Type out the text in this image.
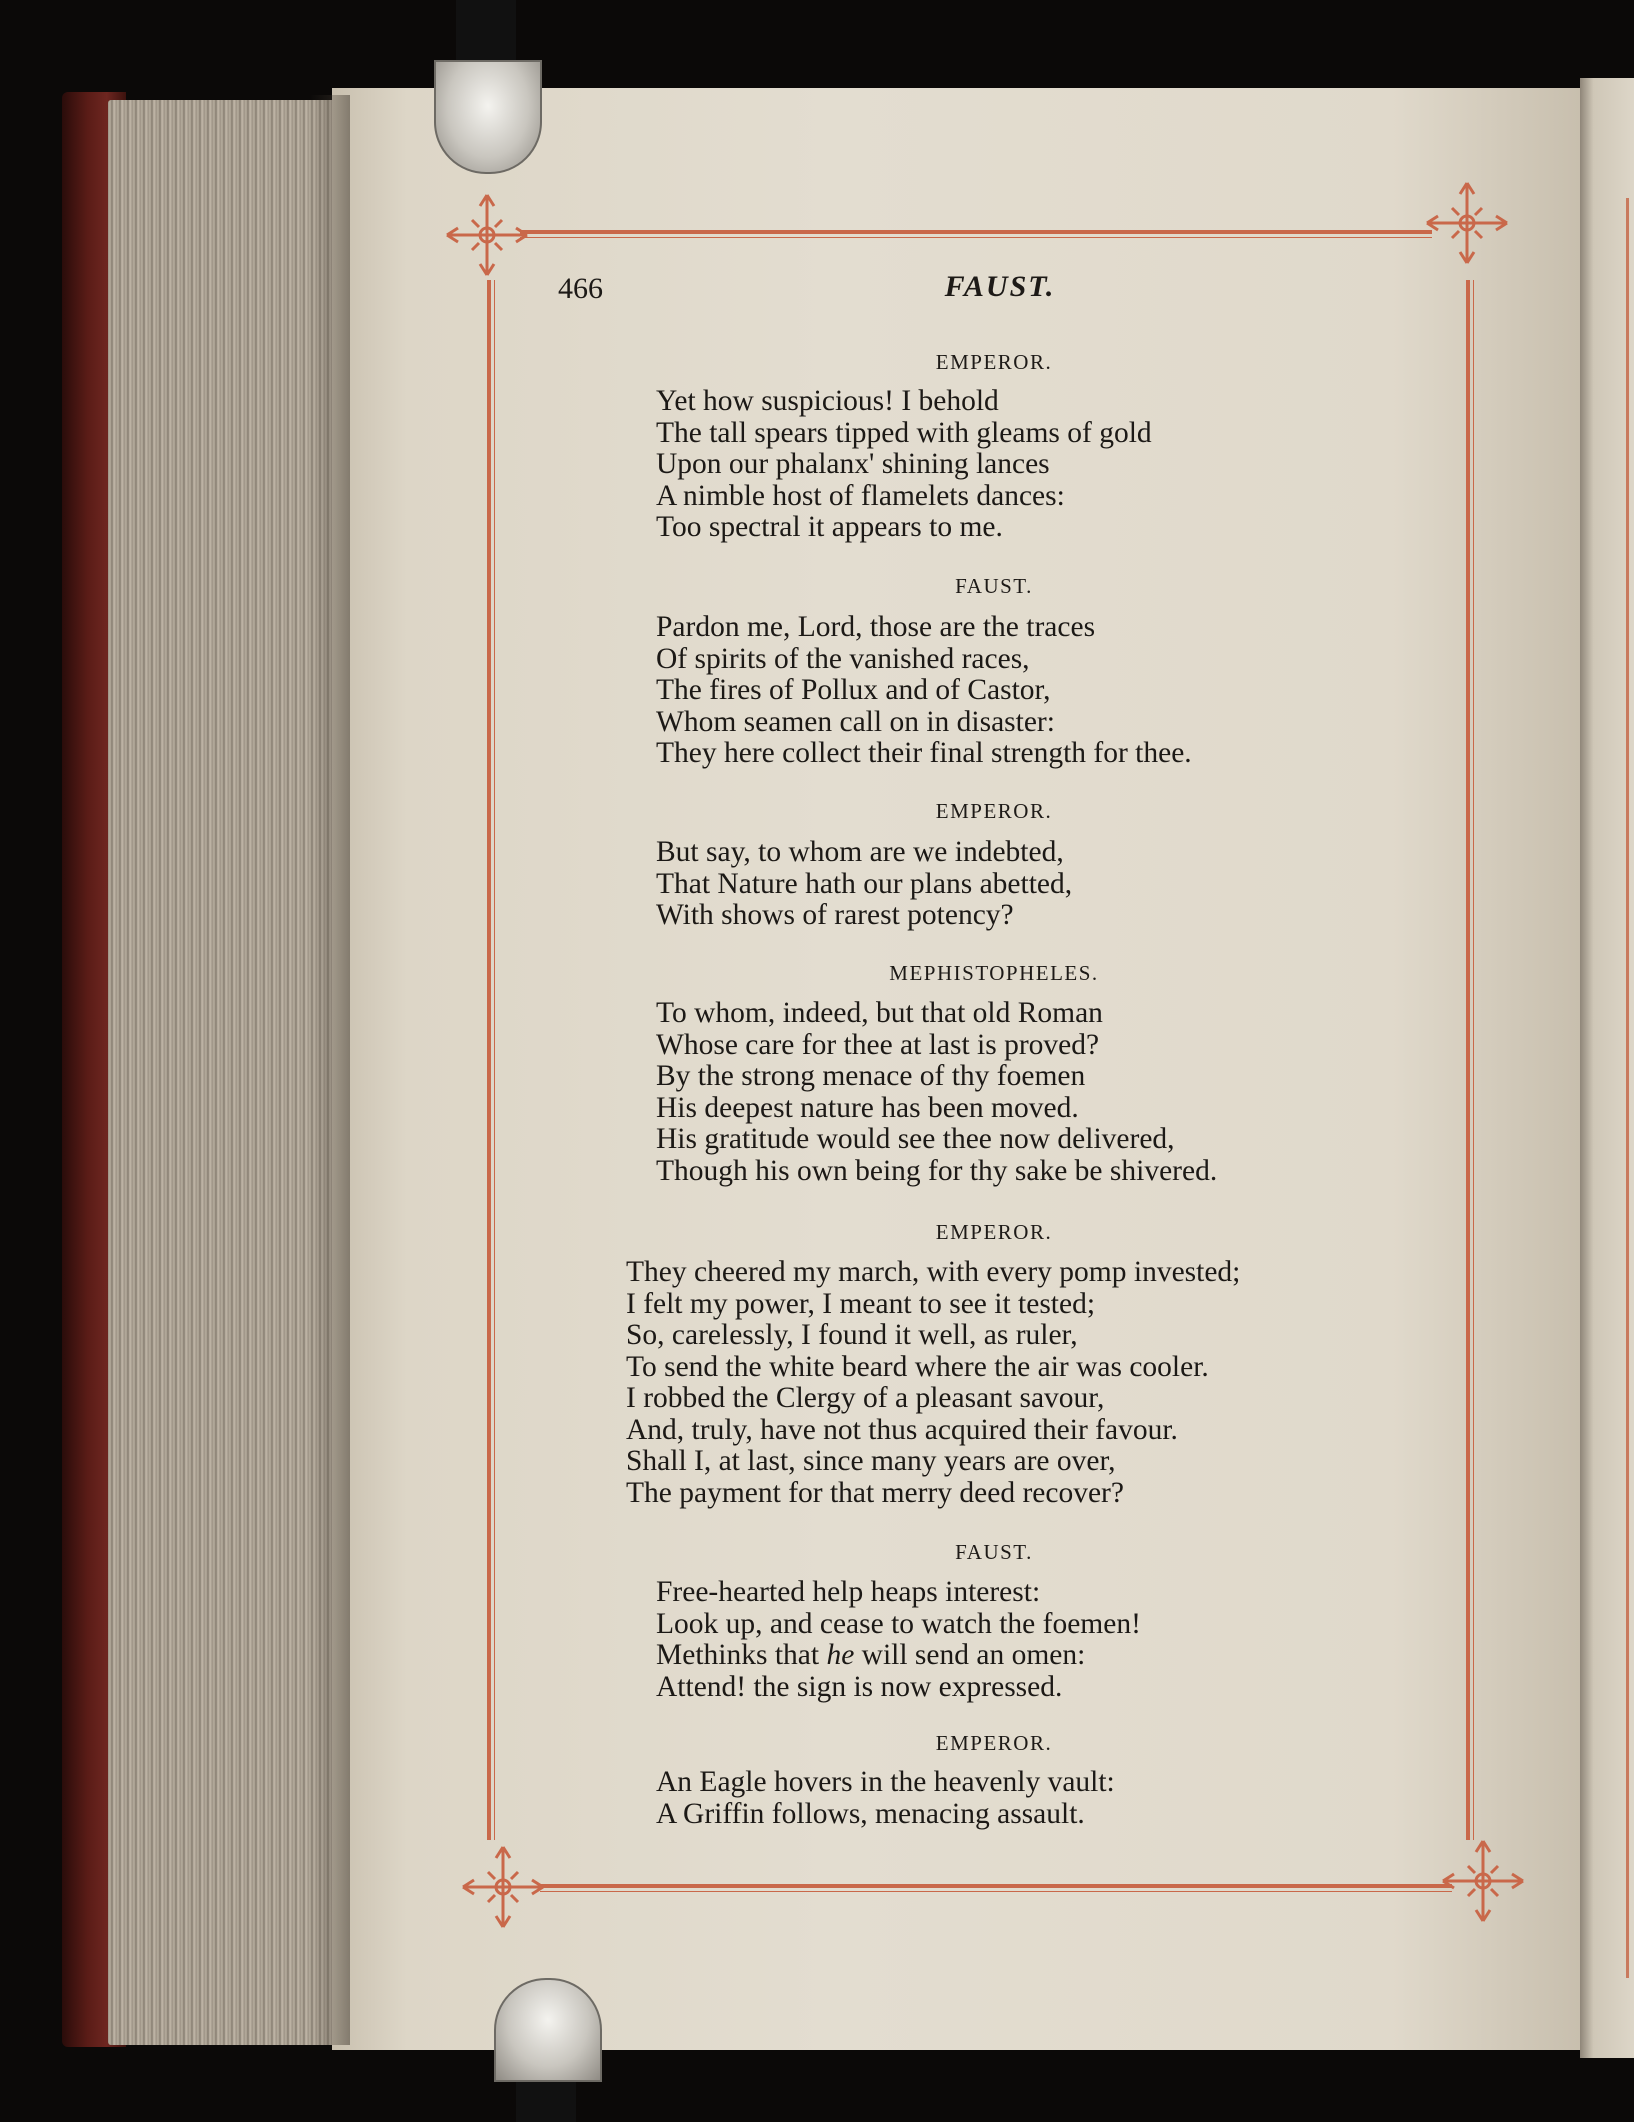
466	FAUST.
EMPEROR.
Yet how suspicious! I behold
The tall spears tipped with gleams of gold
Upon our phalanx' shining lances
A nimble host of flamelets dances:
Too spectral it appears to me.
FAUST.
Pardon me, Lord, those are the traces
Of spirits of the vanished races,
The fires of Pollux and of Castor,
Whom seamen call on in disaster:
They here collect their final strength for thee.
EMPEROR.
But say, to whom are we indebted,
That Nature hath our plans abetted,
With shows of rarest potency?
MEPHISTOPHELES.
To whom, indeed, but that old Roman
Whose care for thee at last is proved?
By the strong menace of thy foemen
His deepest nature has been moved.
His gratitude would see thee now delivered,
Though his own being for thy sake be shivered.
EMPEROR.
They cheered my march, with every pomp invested;
I felt my power, I meant to see it tested;
So, carelessly, I found it well, as ruler,
To send the white beard where the air was cooler.
I robbed the Clergy of a pleasant savour,
And, truly, have not thus acquired their favour.
Shall I, at last, since many years are over,
The payment for that merry deed recover?
FAUST.
Free-hearted help heaps interest:
Look up, and cease to watch the foemen!
Methinks that he will send an omen:
Attend! the sign is now expressed.
EMPEROR.
An Eagle hovers in the heavenly vault:
A Griffin follows, menacing assault.
